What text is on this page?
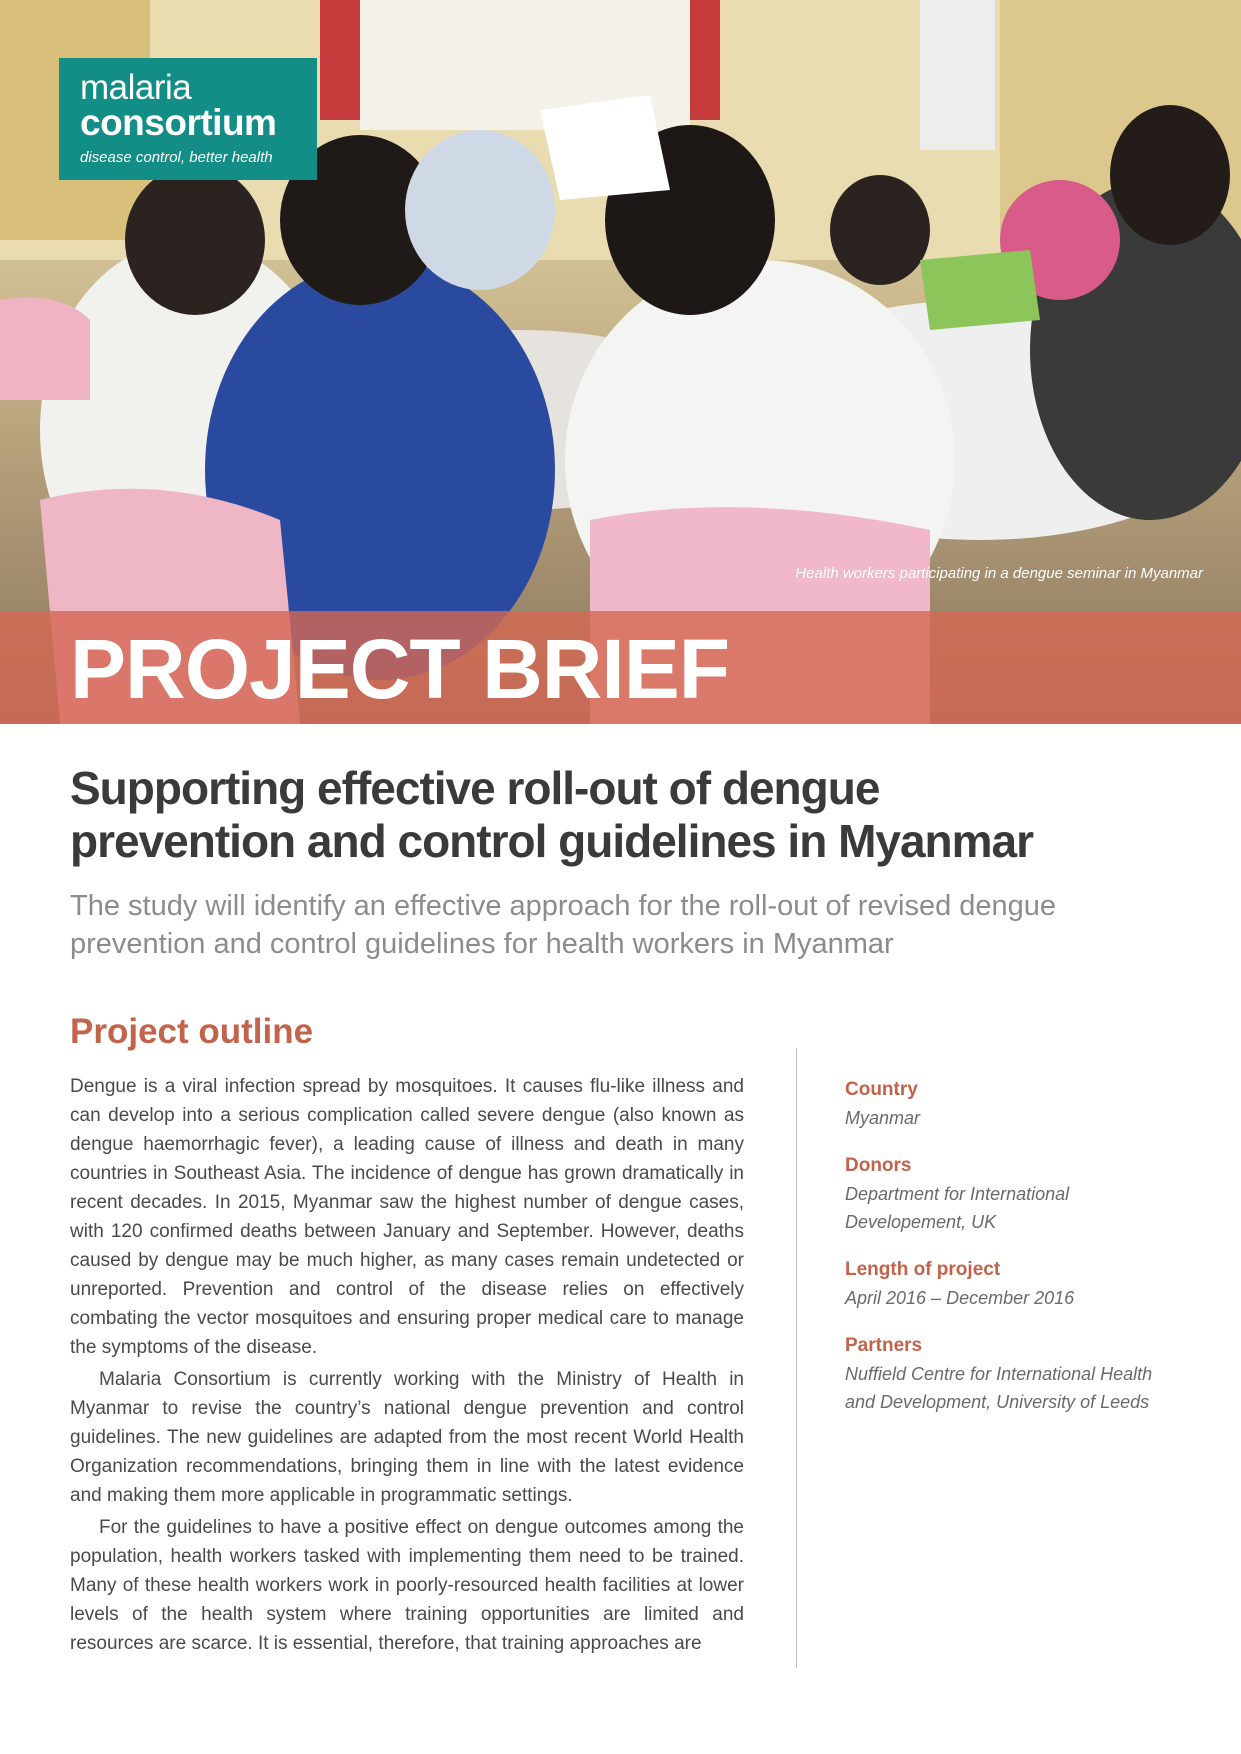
malaria
consortium
disease control, better health
Health workers participating in a dengue seminar in Myanmar
PROJECT BRIEF
Supporting effective roll-out of dengue prevention and control guidelines in Myanmar

The study will identify an effective approach for the roll-out of revised dengue prevention and control guidelines for health workers in Myanmar

Project outline

Dengue is a viral infection spread by mosquitoes. It causes flu-like illness and can develop into a serious complication called severe dengue (also known as dengue haemorrhagic fever), a leading cause of illness and death in many countries in Southeast Asia. The incidence of dengue has grown dramatically in recent decades. In 2015, Myanmar saw the highest number of dengue cases, with 120 confirmed deaths between January and September. However, deaths caused by dengue may be much higher, as many cases remain undetected or unreported. Prevention and control of the disease relies on effectively combating the vector mosquitoes and ensuring proper medical care to manage the symptoms of the disease.

Malaria Consortium is currently working with the Ministry of Health in Myanmar to revise the country’s national dengue prevention and control guidelines. The new guidelines are adapted from the most recent World Health Organization recommendations, bringing them in line with the latest evidence and making them more applicable in programmatic settings.

For the guidelines to have a positive effect on dengue outcomes among the population, health workers tasked with implementing them need to be trained. Many of these health workers work in poorly-resourced health facilities at lower levels of the health system where training opportunities are limited and resources are scarce. It is essential, therefore, that training approaches are

Country
Myanmar
Donors
Department for International Developement, UK
Length of project
April 2016 – December 2016
Partners
Nuffield Centre for International Health and Development, University of Leeds
